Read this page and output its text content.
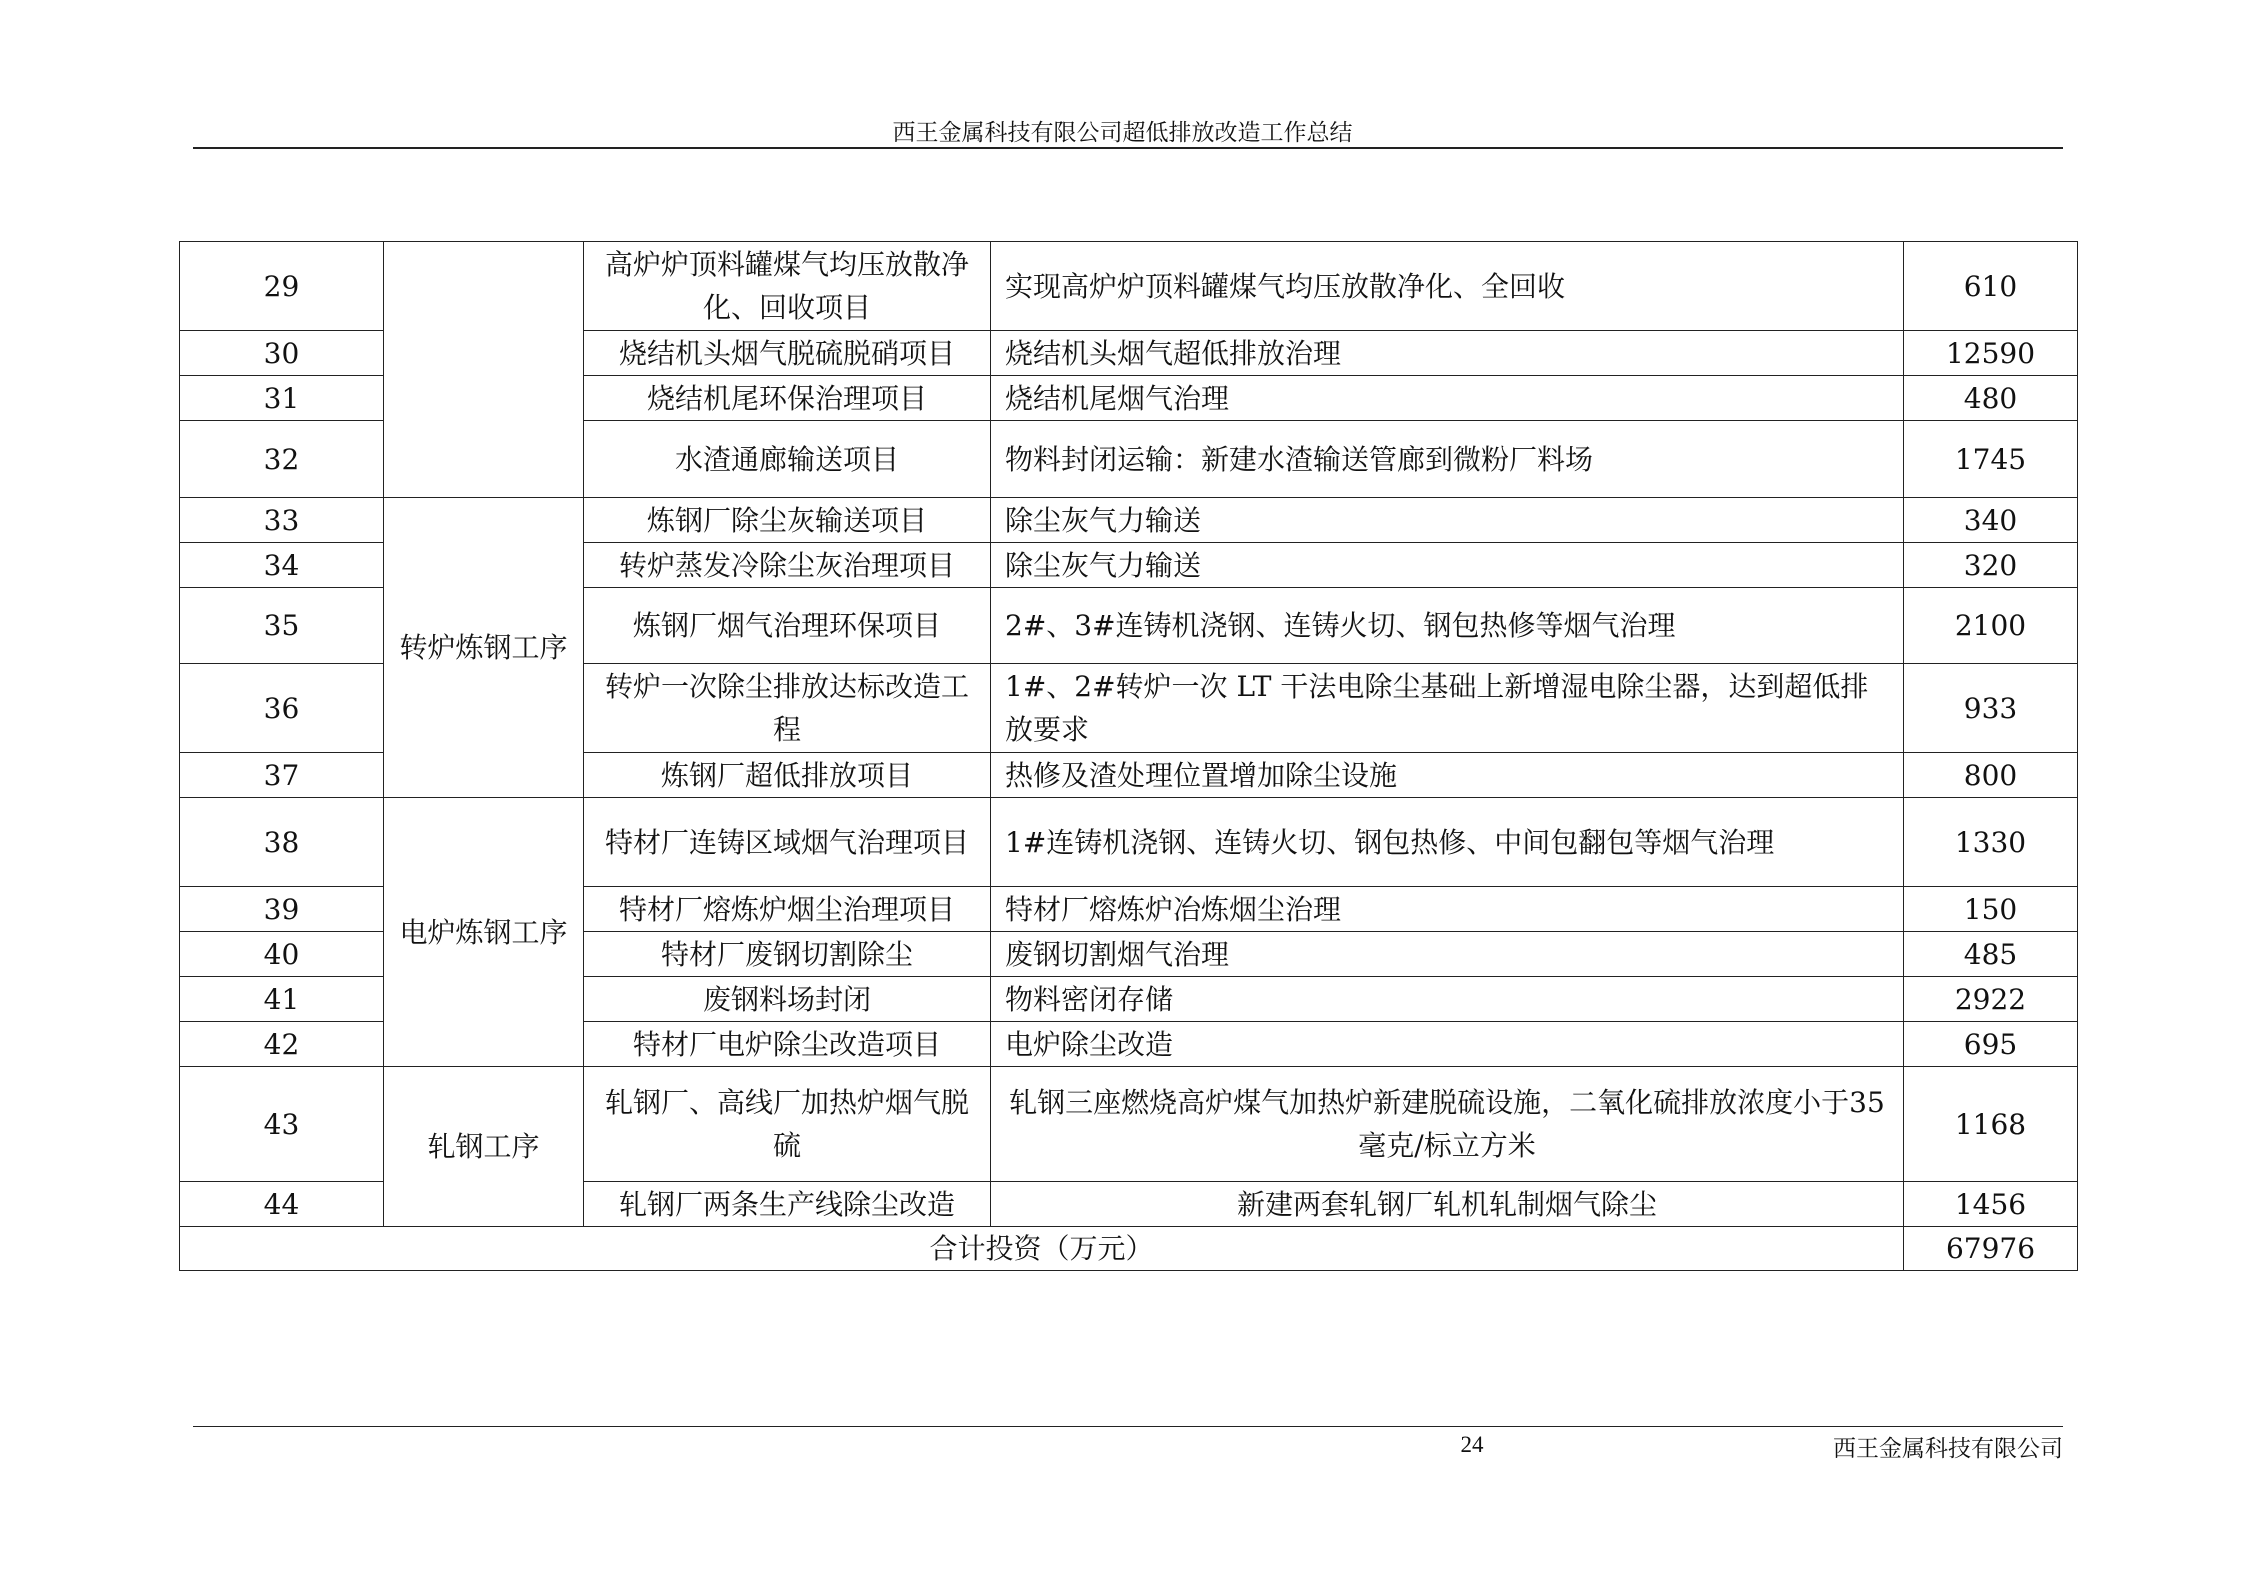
西王金属科技有限公司超低排放改造工作总结
29		高炉炉顶料罐煤气均压放散净化、回收项目	实现高炉炉顶料罐煤气均压放散净化、全回收	610
30		烧结机头烟气脱硫脱硝项目	烧结机头烟气超低排放治理	12590
31		烧结机尾环保治理项目	烧结机尾烟气治理	480
32		水渣通廊输送项目	物料封闭运输：新建水渣输送管廊到微粉厂料场	1745
33	转炉炼钢工序	炼钢厂除尘灰输送项目	除尘灰气力输送	340
34		转炉蒸发冷除尘灰治理项目	除尘灰气力输送	320
35		炼钢厂烟气治理环保项目	2#、3#连铸机浇钢、连铸火切、钢包热修等烟气治理	2100
36		转炉一次除尘排放达标改造工程	1#、2#转炉一次 LT 干法电除尘基础上新增湿电除尘器，达到超低排放要求	933
37		炼钢厂超低排放项目	热修及渣处理位置增加除尘设施	800
38	电炉炼钢工序	特材厂连铸区域烟气治理项目	1#连铸机浇钢、连铸火切、钢包热修、中间包翻包等烟气治理	1330
39		特材厂熔炼炉烟尘治理项目	特材厂熔炼炉冶炼烟尘治理	150
40		特材厂废钢切割除尘	废钢切割烟气治理	485
41		废钢料场封闭	物料密闭存储	2922
42		特材厂电炉除尘改造项目	电炉除尘改造	695
43	轧钢工序	轧钢厂、高线厂加热炉烟气脱硫	轧钢三座燃烧高炉煤气加热炉新建脱硫设施，二氧化硫排放浓度小于35毫克/标立方米	1168
44		轧钢厂两条生产线除尘改造	新建两套轧钢厂轧机轧制烟气除尘	1456
合计投资（万元）				67976
24	西王金属科技有限公司
